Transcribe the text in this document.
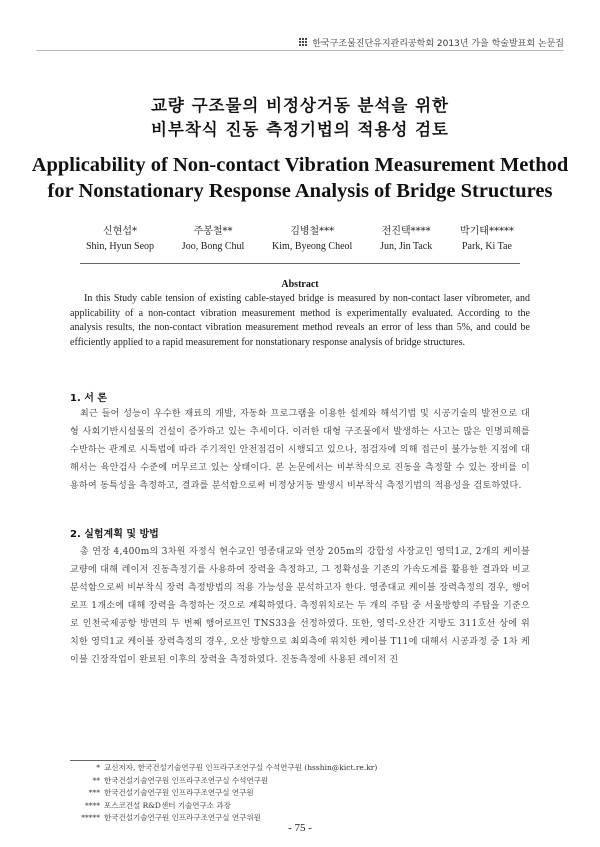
한국구조물진단유지관리공학회 2013년 가을 학술발표회 논문집
교량 구조물의 비정상거동 분석을 위한
비부착식 진동 측정기법의 적용성 검토
Applicability of Non-contact Vibration Measurement Method
for Nonstationary Response Analysis of Bridge Structures
신현섭*
Shin, Hyun Seop
주봉철**
Joo, Bong Chul
김병철***
Kim, Byeong Cheol
전진택****
Jun, Jin Tack
박기태*****
Park, Ki Tae
Abstract
In this Study cable tension of existing cable-stayed bridge is measured by non-contact laser vibrometer, and applicability of a non-contact vibration measurement method is experimentally evaluated. According to the analysis results, the non-contact vibration measurement method reveals an error of less than 5%, and could be efficiently applied to a rapid measurement for nonstationary response analysis of bridge structures.
1. 서 론
최근 들어 성능이 우수한 재료의 개발, 자동화 프로그램을 이용한 설계와 해석기법 및 시공기술의 발전으로 대형 사회기반시설물의 건설이 증가하고 있는 추세이다. 이러한 대형 구조물에서 발생하는 사고는 많은 인명피해를 수반하는 관계로 시특법에 따라 주기적인 안전점검이 시행되고 있으나, 점검자에 의해 접근이 불가능한 지점에 대해서는 육안검사 수준에 머무르고 있는 상태이다. 본 논문에서는 비부착식으로 진동을 측정할 수 있는 장비를 이용하여 동특성을 측정하고, 결과를 분석함으로써 비정상거동 발생시 비부착식 측정기법의 적용성을 검토하였다.
2. 실험계획 및 방법
총 연장 4,400m의 3차원 자정식 현수교인 영종대교와 연장 205m의 강합성 사장교인 영덕1교, 2개의 케이블 교량에 대해 레이저 진동측정기를 사용하여 장력을 측정하고, 그 정확성을 기존의 가속도계를 활용한 결과와 비교 분석함으로써 비부착식 장력 측정방법의 적용 가능성을 분석하고자 한다. 영종대교 케이블 장력측정의 경우, 행어로프 1개소에 대해 장력을 측정하는 것으로 계획하였다. 측정위치로는 두 개의 주탑 중 서울방향의 주탑을 기준으로 인천국제공항 방면의 두 번째 행어로프인 TNS33을 선정하였다. 또한, 영덕-오산간 지방도 311호선 상에 위치한 영덕1교 케이블 장력측정의 경우, 오산 방향으로 최외측에 위치한 케이블 T11에 대해서 시공과정 중 1차 케이블 긴장작업이 완료된 이후의 장력을 측정하였다. 진동측정에 사용된 레이저 진
* 교신저자, 한국건설기술연구원 인프라구조연구실 수석연구원 (hsshin@kict.re.kr)
** 한국건설기술연구원 인프라구조연구실 수석연구원
*** 한국건설기술연구원 인프라구조연구실 연구원
**** 포스코건설 R&D센터 기술연구소 과장
***** 한국건설기술연구원 인프라구조연구실 연구위원
- 75 -
